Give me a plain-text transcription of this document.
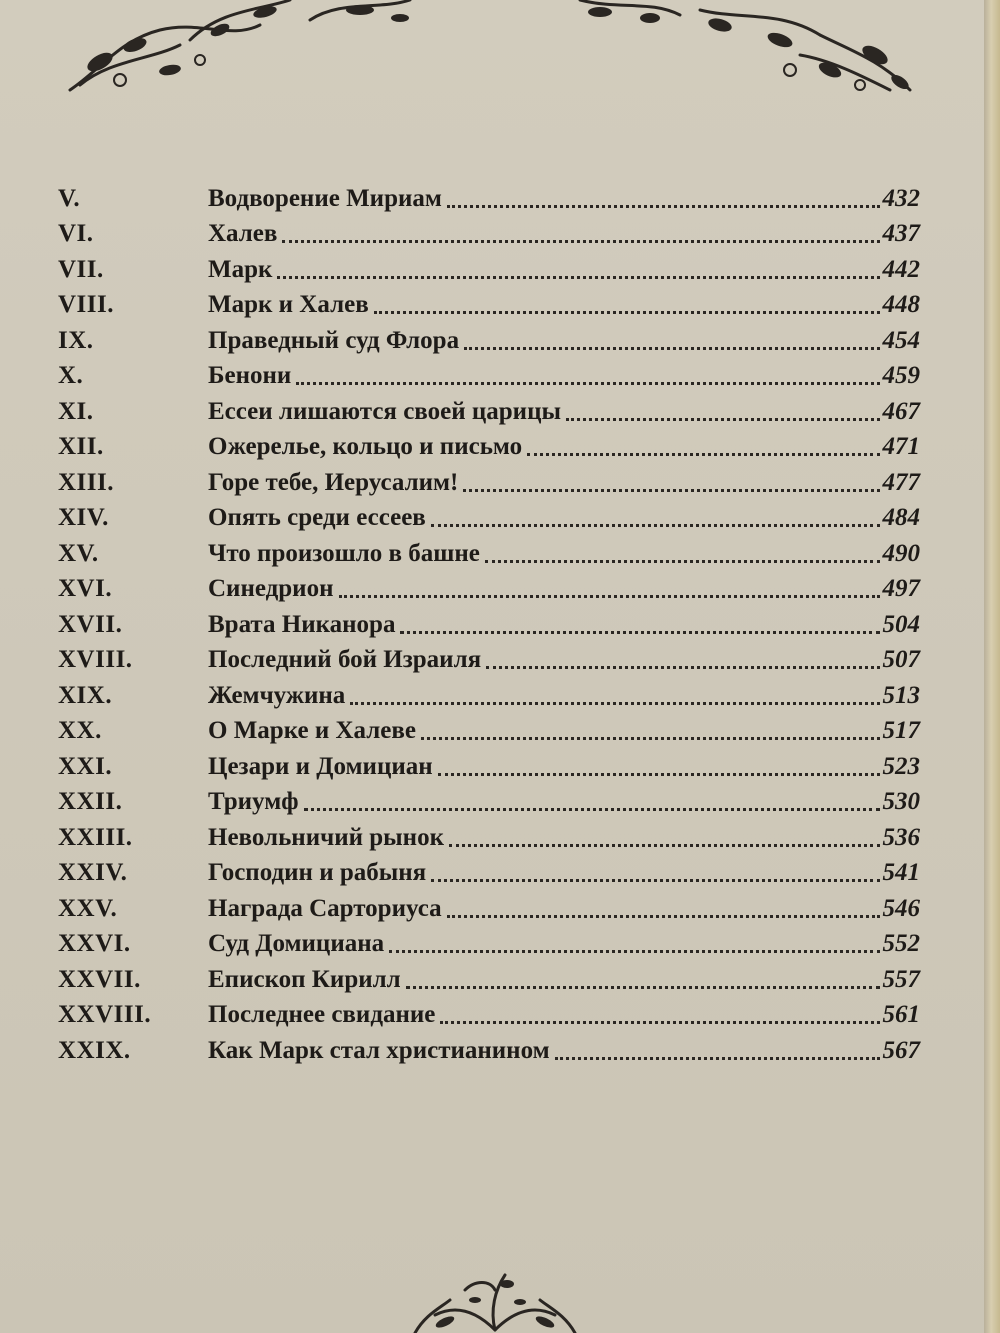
V.	Водворение Мириам	432
VI.	Халев	437
VII.	Марк	442
VIII.	Марк и Халев	448
IX.	Праведный суд Флора	454
X.	Бенони	459
XI.	Ессеи лишаются своей царицы	467
XII.	Ожерелье, кольцо и письмо	471
XIII.	Горе тебе, Иерусалим!	477
XIV.	Опять среди ессеев	484
XV.	Что произошло в башне	490
XVI.	Синедрион	497
XVII.	Врата Никанора	504
XVIII.	Последний бой Израиля	507
XIX.	Жемчужина	513
XX.	О Марке и Халеве	517
XXI.	Цезари и Домициан	523
XXII.	Триумф	530
XXIII.	Невольничий рынок	536
XXIV.	Господин и рабыня	541
XXV.	Награда Сарториуса	546
XXVI.	Суд Домициана	552
XXVII.	Епископ Кирилл	557
XXVIII.	Последнее свидание	561
XXIX.	Как Марк стал христианином	567
